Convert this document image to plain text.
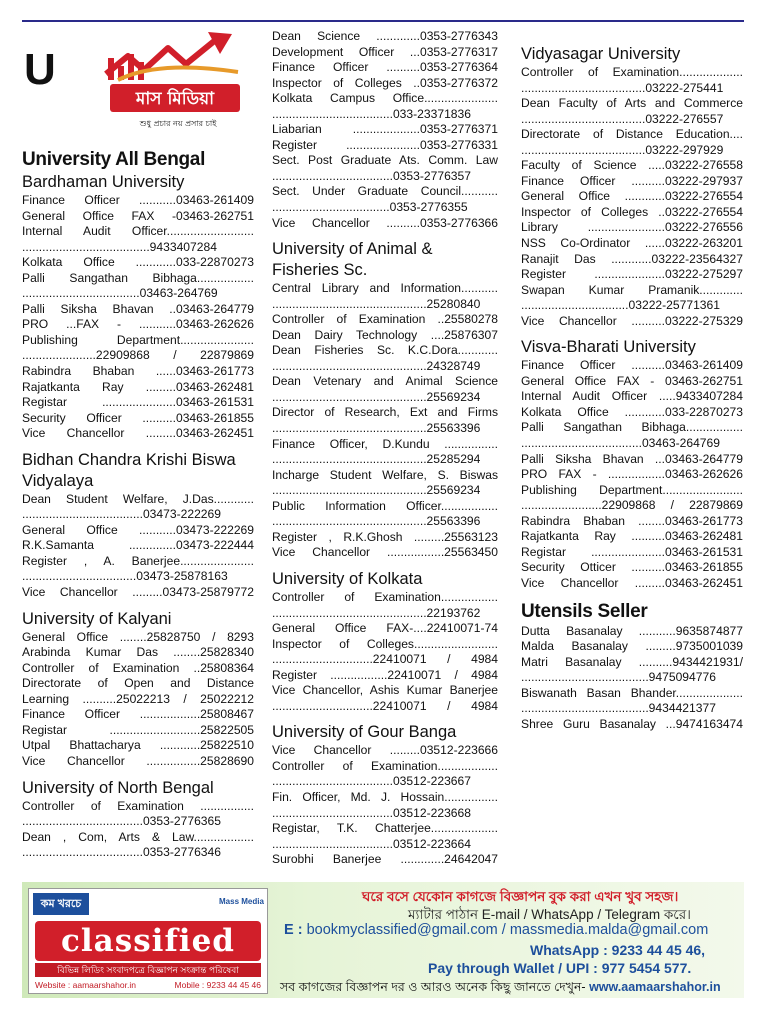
U
মাস মিডিয়া
শুধু প্রচার নয় প্রসার চাই
University All Bengal
Bardhaman University
Finance Officer ...........03463-261409
General Office FAX -03463-262751
Internal Audit Officer..........................
......................................9433407284
Kolkata Office ............033-22870273
Palli Sangathan Bibhaga.................
...................................03463-264769
Palli Siksha Bhavan ..03463-264779
PRO ...FAX - ...........03463-262626
Publishing Department......................
......................22909868 / 22879869
Rabindra Bhaban ......03463-261773
Rajatkanta Ray .........03463-262481
Registar ......................03463-261531
Security Officer ..........03463-261855
Vice Chancellor .........03463-262451
Bidhan Chandra Krishi Biswa
Vidyalaya
Dean Student Welfare, J.Das............
....................................03473-222269
General Office ...........03473-222269
R.K.Samanta ..............03473-222444
Register , A. Banerjee......................
..................................03473-25878163
Vice Chancellor .........03473-25879772
University of Kalyani
General Office ........25828750 / 8293
Arabinda Kumar Das ........25828340
Controller of Examination ..25808364
Directorate of Open and Distance
Learning ..........25022213 / 25022212
Finance Officer ..................25808467
Registar ...........................25822505
Utpal Bhattacharya ............25822510
Vice Chancellor ................25828690
University of North Bengal
Controller of Examination ................
....................................0353-2776365
Dean , Com, Arts & Law..................
....................................0353-2776346
Dean Science .............0353-2776343
Development Officer ...0353-2776317
Finance Officer ..........0353-2776364
Inspector of Colleges ..0353-2776372
Kolkata Campus Office......................
....................................033-23371836
Liabarian ....................0353-2776371
Register ......................0353-2776331
Sect. Post Graduate Ats. Comm. Law
....................................0353-2776357
Sect. Under Graduate Council...........
...................................0353-2776355
Vice Chancellor ..........0353-2776366
University of Animal &
Fisheries Sc.
Central Library and Information...........
..............................................25280840
Controller of Examination ..25580278
Dean Dairy Technology ....25876307
Dean Fisheries Sc. K.C.Dora............
..............................................24328749
Dean Vetenary and Animal Science
..............................................25569234
Director of Research, Ext and Firms
..............................................25563396
Finance Officer, D.Kundu ................
..............................................25285294
Incharge Student Welfare, S. Biswas
..............................................25569234
Public Information Officer.................
..............................................25563396
Register , R.K.Ghosh .........25563123
Vice Chancellor .................25563450
University of Kolkata
Controller of Examination.................
..............................................22193762
General Office FAX-....22410071-74
Inspector of Colleges.........................
..............................22410071 / 4984
Register .................22410071 / 4984
Vice Chancellor, Ashis Kumar Banerjee
..............................22410071 / 4984
University of Gour Banga
Vice Chancellor .........03512-223666
Controller of Examination..................
....................................03512-223667
Fin. Officer, Md. J. Hossain................
....................................03512-223668
Registar, T.K. Chatterjee....................
....................................03512-223664
Surobhi Banerjee .............24642047
Vidyasagar University
Controller of Examination...................
.....................................03222-275441
Dean Faculty of Arts and Commerce
.....................................03222-276557
Directorate of Distance Education....
.....................................03222-297929
Faculty of Science .....03222-276558
Finance Officer ..........03222-297937
General Office ............03222-276554
Inspector of Colleges ..03222-276554
Library .......................03222-276556
NSS Co-Ordinator ......03222-263201
Ranajit Das ............03222-23564327
Register .....................03222-275297
Swapan Kumar Pramanik.............
................................03222-25771361
Vice Chancellor ..........03222-275329
Visva-Bharati University
Finance Officer ..........03463-261409
General Office FAX - 03463-262751
Internal Audit Officer .....9433407284
Kolkata Office ............033-22870273
Palli Sangathan Bibhaga.................
....................................03463-264769
Palli Siksha Bhavan ...03463-264779
PRO FAX - .................03463-262626
Publishing Department........................
........................22909868 / 22879869
Rabindra Bhaban ........03463-261773
Rajatkanta Ray ..........03463-262481
Registar ......................03463-261531
Security Otticer ..........03463-261855
Vice Chancellor .........03463-262451
Utensils Seller
Dutta Basanalay ...........9635874877
Malda Basanalay .........9735001039
Matri Basanalay ..........9434421931/
......................................9475094776
Biswanath Basan Bhander....................
......................................9434421377
Shree Guru Basanalay ...9474163474
কম খরচে	Mass Media
classified
বিভিন্ন লিডিং সংবাদপত্রে বিজ্ঞাপন সংক্রান্ত পরিষেবা
Website : aamaarshahor.in	Mobile : 9233 44 45 46
ঘরে বসে যেকোন কাগজে বিজ্ঞাপন বুক করা এখন খুব সহজ।
ম্যাটার পাঠান E-mail / WhatsApp / Telegram করে।
E : bookmyclassified@gmail.com / massmedia.malda@gmail.com
WhatsApp : 9233 44 45 46,
Pay through Wallet / UPI : 977 5454 577.
সব কাগজের বিজ্ঞাপন দর ও আরও অনেক কিছু জানতে দেখুন- www.aamaarshahor.in
